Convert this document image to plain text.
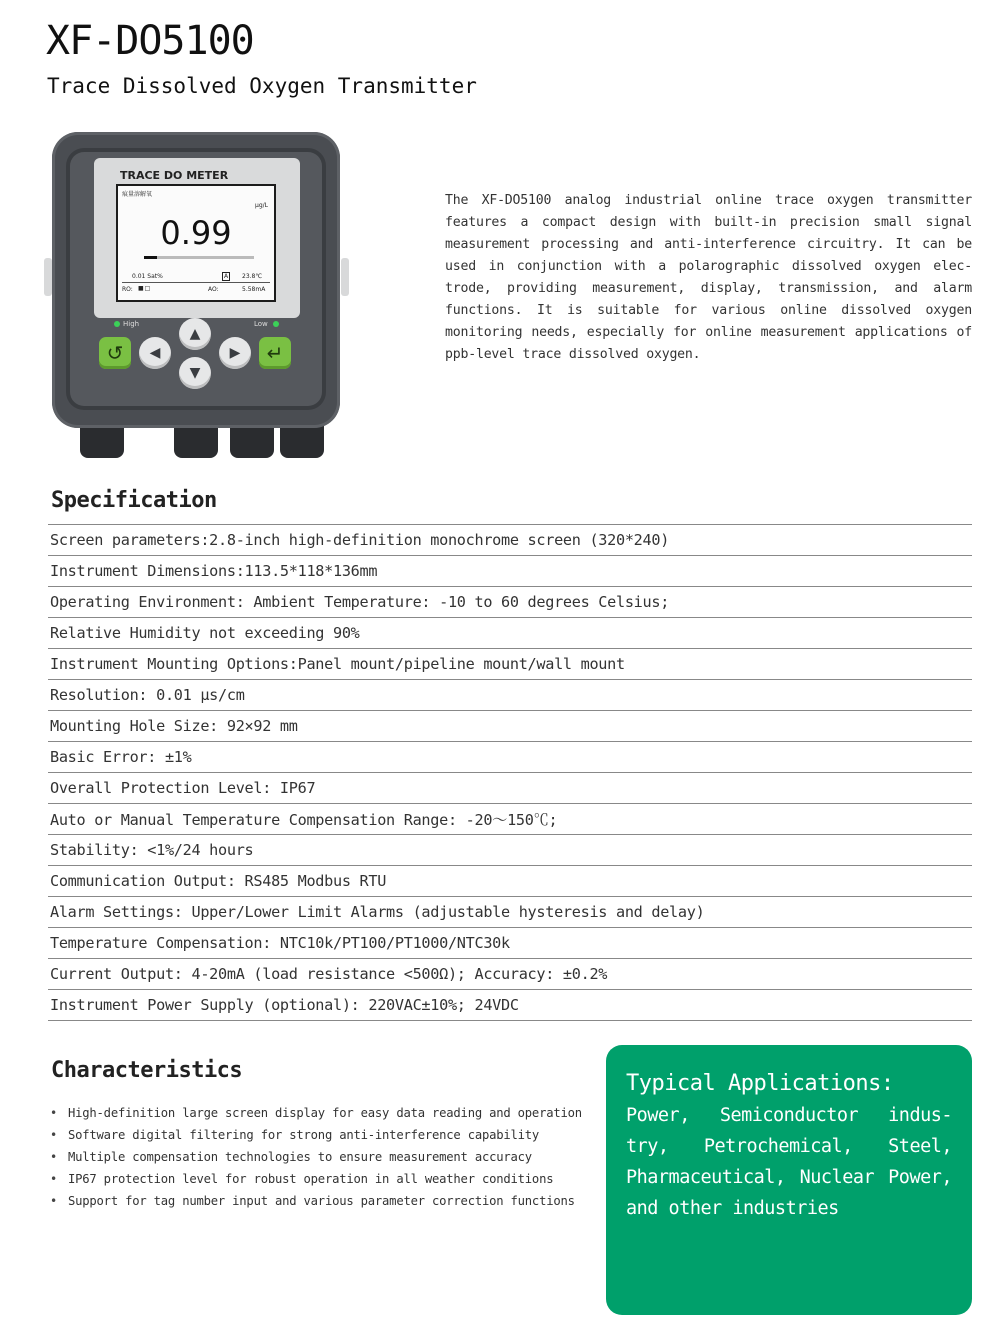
XF-DO5100
Trace Dissolved Oxygen Transmitter
TRACE DO METER
痕量溶解氧
μg/L
0.99
0.01 Sat%	A	23.8℃
RO: ■□	AO:	5.58mA
High	Low
↺
▲
◀	▶
▼
↵

The XF-DO5100 analog industrial online trace oxygen transmitter features a compact design with built-in precision small signal measurement processing and anti-interference circuitry. It can be used in conjunction with a polarographic dissolved oxygen elec-trode, providing measurement, display, transmission, and alarm functions. It is suitable for various online dissolved oxygen monitoring needs, especially for online measurement applications of ppb-level trace dissolved oxygen.

Specification
Screen parameters:2.8-inch high-definition monochrome screen (320*240)
Instrument Dimensions:113.5*118*136mm
Operating Environment: Ambient Temperature: -10 to 60 degrees Celsius;
Relative Humidity not exceeding 90%
Instrument Mounting Options:Panel mount/pipeline mount/wall mount
Resolution: 0.01 μs/cm
Mounting Hole Size: 92×92 mm
Basic Error: ±1%
Overall Protection Level: IP67
Auto or Manual Temperature Compensation Range: -20～150℃;
Stability: <1%/24 hours
Communication Output: RS485 Modbus RTU
Alarm Settings: Upper/Lower Limit Alarms (adjustable hysteresis and delay)
Temperature Compensation: NTC10k/PT100/PT1000/NTC30k
Current Output: 4-20mA (load resistance <500Ω); Accuracy: ±0.2%
Instrument Power Supply (optional): 220VAC±10%; 24VDC
Characteristics
• High-definition large screen display for easy data reading and operation
• Software digital filtering for strong anti-interference capability
• Multiple compensation technologies to ensure measurement accuracy
• IP67 protection level for robust operation in all weather conditions
• Support for tag number input and various parameter correction functions
Typical Applications:
Power, Semiconductor indus-try, Petrochemical, Steel, Pharmaceutical, Nuclear Power, and other industries
